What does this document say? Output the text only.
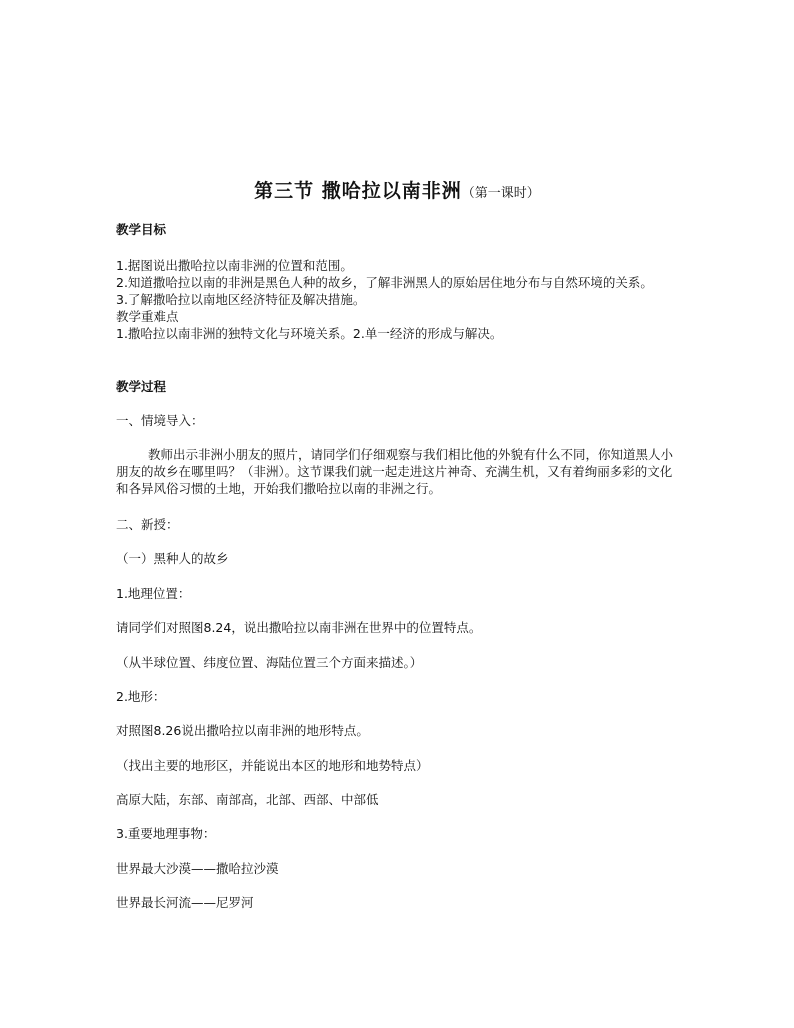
第三节 撒哈拉以南非洲（第一课时）
教学目标

1.据图说出撒哈拉以南非洲的位置和范围。

2.知道撒哈拉以南的非洲是黑色人种的故乡，了解非洲黑人的原始居住地分布与自然环境的关系。

3.了解撒哈拉以南地区经济特征及解决措施。

教学重难点

1.撒哈拉以南非洲的独特文化与环境关系。2.单一经济的形成与解决。

教学过程
一、情境导入：
教师出示非洲小朋友的照片，请同学们仔细观察与我们相比他的外貌有什么不同，你知道黑人小朋友的故乡在哪里吗？（非洲）。这节课我们就一起走进这片神奇、充满生机，又有着绚丽多彩的文化和各异风俗习惯的土地，开始我们撒哈拉以南的非洲之行。
二、新授：
（一）黑种人的故乡
1.地理位置：
请同学们对照图8.24，说出撒哈拉以南非洲在世界中的位置特点。
（从半球位置、纬度位置、海陆位置三个方面来描述。）
2.地形：
对照图8.26说出撒哈拉以南非洲的地形特点。
（找出主要的地形区，并能说出本区的地形和地势特点）
高原大陆，东部、南部高，北部、西部、中部低
3.重要地理事物：
世界最大沙漠——撒哈拉沙漠
世界最长河流——尼罗河
